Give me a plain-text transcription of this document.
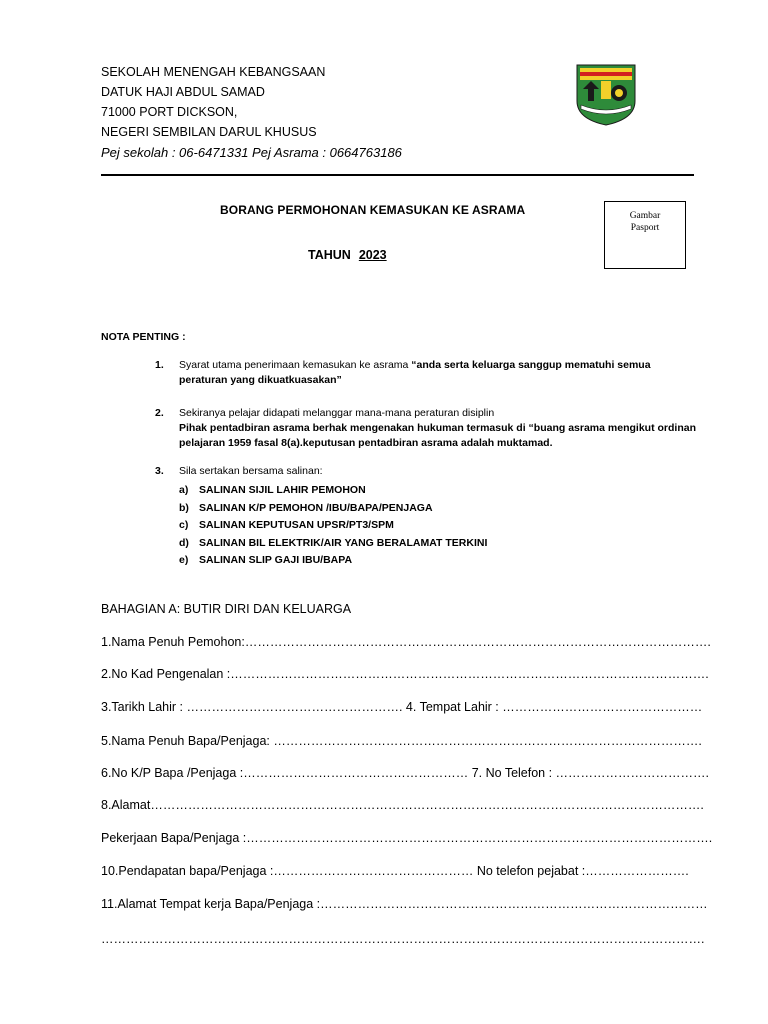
SEKOLAH MENENGAH KEBANGSAAN
DATUK HAJI ABDUL SAMAD
71000 PORT DICKSON,
NEGERI SEMBILAN DARUL KHUSUS
Pej sekolah : 06-6471331 Pej Asrama : 0664763186
BORANG PERMOHONAN KEMASUKAN KE ASRAMA
TAHUN 2023
Gambar
Pasport
NOTA PENTING :
1. Syarat utama penerimaan kemasukan ke asrama “anda serta keluarga sanggup mematuhi semua peraturan yang dikuatkuasakan”
2. Sekiranya pelajar didapati melanggar mana-mana peraturan disiplin
Pihak pentadbiran asrama berhak mengenakan hukuman termasuk di “buang asrama mengikut ordinan pelajaran 1959 fasal 8(a).keputusan pentadbiran asrama adalah muktamad.
3. Sila sertakan bersama salinan:
a)	SALINAN SIJIL LAHIR PEMOHON
b) SALINAN K/P PEMOHON /IBU/BAPA/PENJAGA
c)	SALINAN KEPUTUSAN UPSR/PT3/SPM
d) SALINAN BIL ELEKTRIK/AIR YANG BERALAMAT TERKINI
e)	SALINAN SLIP GAJI IBU/BAPA
BAHAGIAN A: BUTIR DIRI DAN KELUARGA
1.Nama Penuh Pemohon:………………………………………………………………………………………………….
2.No Kad Pengenalan :…………………………………………………………………………………………………….
3.Tarikh Lahir : ……………………………………………. 4. Tempat Lahir : …………………………………………
5.Nama Penuh Bapa/Penjaga: ………………………………………………………………………………………….
6.No K/P Bapa /Penjaga :……………………………………………… 7. No Telefon : ……………………………….
8.Alamat…………………………………………………………………………………………………………………….
Pekerjaan Bapa/Penjaga :………………………………………………………………………………………………….
10.Pendapatan bapa/Penjaga :………………………………………… No telefon pejabat :…………………….
11.Alamat Tempat kerja Bapa/Penjaga :…………………………………………………………………………………
……………………………………………………………………………………………………………………………….
